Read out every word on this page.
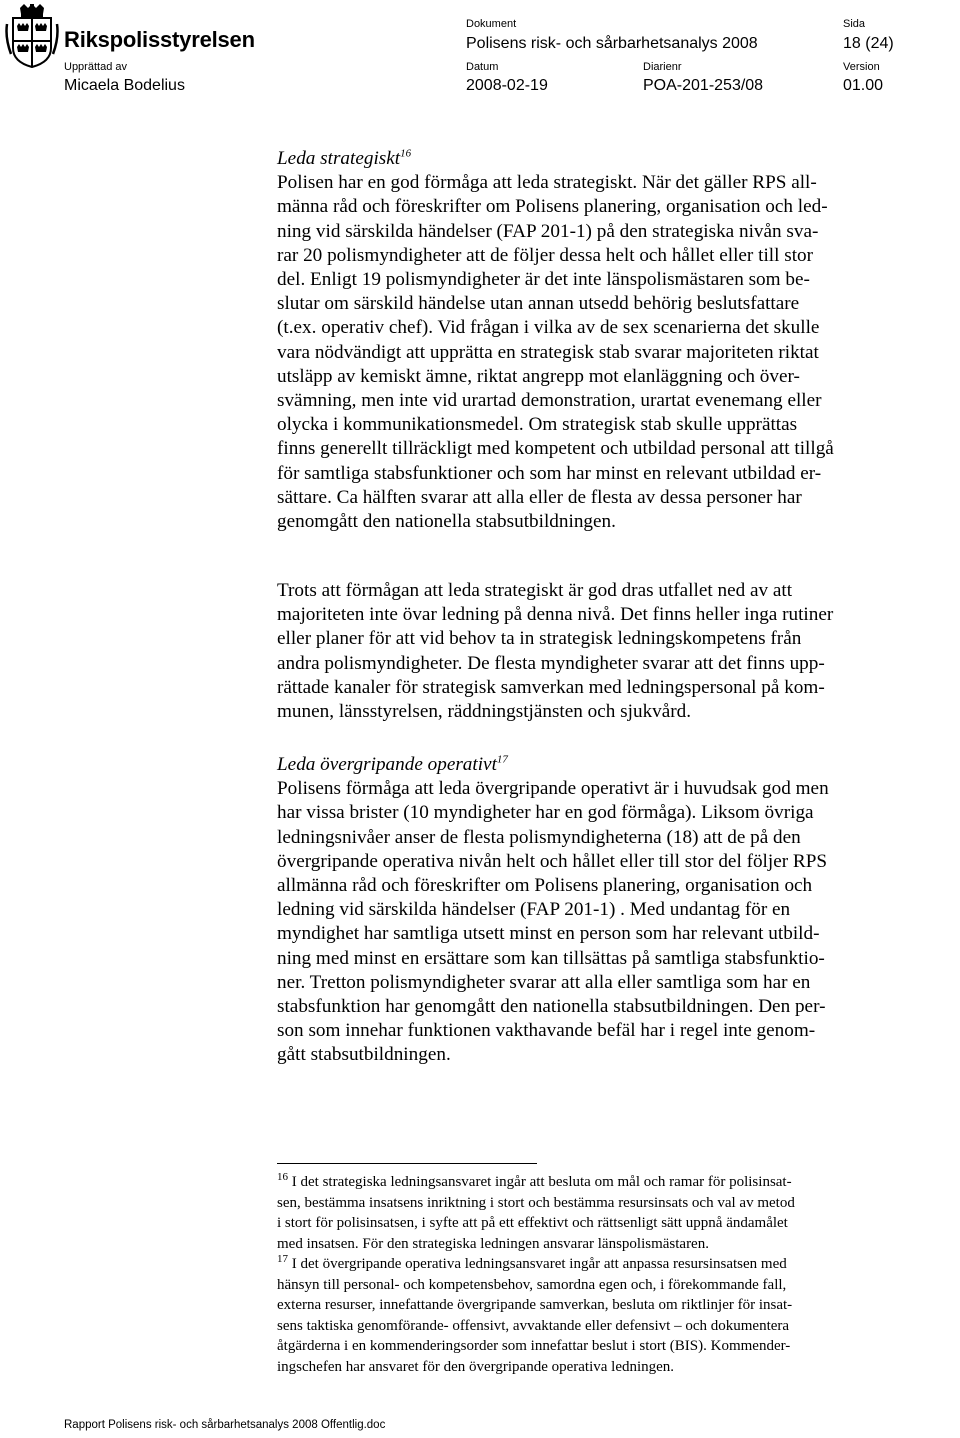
Rikspolisstyrelsen
Dokument
Polisens risk- och sårbarhetsanalys 2008
Sida
18 (24)
Upprättad av
Micaela Bodelius
Datum
2008-02-19
Diarienr
POA-201-253/08
Version
01.00

Leda strategiskt$^{16}$

Polisen har en god förmåga att leda strategiskt. När det gäller RPS all-
männa råd och föreskrifter om Polisens planering, organisation och led-
ning vid särskilda händelser (FAP 201-1) på den strategiska nivån sva-
rar 20 polismyndigheter att de följer dessa helt och hållet eller till stor
del. Enligt 19 polismyndigheter är det inte länspolismästaren som be-
slutar om särskild händelse utan annan utsedd behörig beslutsfattare
(t.ex. operativ chef). Vid frågan i vilka av de sex scenarierna det skulle
vara nödvändigt att upprätta en strategisk stab svarar majoriteten riktat
utsläpp av kemiskt ämne, riktat angrepp mot elanläggning och över-
svämning, men inte vid urartad demonstration, urartat evenemang eller
olycka i kommunikationsmedel. Om strategisk stab skulle upprättas
finns generellt tillräckligt med kompetent och utbildad personal att tillgå
för samtliga stabsfunktioner och som har minst en relevant utbildad er-
sättare. Ca hälften svarar att alla eller de flesta av dessa personer har
genomgått den nationella stabsutbildningen.

Trots att förmågan att leda strategiskt är god dras utfallet ned av att
majoriteten inte övar ledning på denna nivå. Det finns heller inga rutiner
eller planer för att vid behov ta in strategisk ledningskompetens från
andra polismyndigheter. De flesta myndigheter svarar att det finns upp-
rättade kanaler för strategisk samverkan med ledningspersonal på kom-
munen, länsstyrelsen, räddningstjänsten och sjukvård.

Leda övergripande operativt$^{17}$

Polisens förmåga att leda övergripande operativt är i huvudsak god men
har vissa brister (10 myndigheter har en god förmåga). Liksom övriga
ledningsnivåer anser de flesta polismyndigheterna (18) att de på den
övergripande operativa nivån helt och hållet eller till stor del följer RPS
allmänna råd och föreskrifter om Polisens planering, organisation och
ledning vid särskilda händelser (FAP 201-1) . Med undantag för en
myndighet har samtliga utsett minst en person som har relevant utbild-
ning med minst en ersättare som kan tillsättas på samtliga stabsfunktio-
ner. Tretton polismyndigheter svarar att alla eller samtliga som har en
stabsfunktion har genomgått den nationella stabsutbildningen. Den per-
son som innehar funktionen vakthavande befäl har i regel inte genom-
gått stabsutbildningen.

$^{16}$ I det strategiska ledningsansvaret ingår att besluta om mål och ramar för polisinsat-
sen, bestämma insatsens inriktning i stort och bestämma resursinsats och val av metod
i stort för polisinsatsen, i syfte att på ett effektivt och rättsenligt sätt uppnå ändamålet
med insatsen. För den strategiska ledningen ansvarar länspolismästaren.
$^{17}$ I det övergripande operativa ledningsansvaret ingår att anpassa resursinsatsen med
hänsyn till personal- och kompetensbehov, samordna egen och, i förekommande fall,
externa resurser, innefattande övergripande samverkan, besluta om riktlinjer för insat-
sens taktiska genomförande- offensivt, avvaktande eller defensivt – och dokumentera
åtgärderna i en kommenderingsorder som innefattar beslut i stort (BIS). Kommender-
ingschefen har ansvaret för den övergripande operativa ledningen.
Rapport Polisens risk- och sårbarhetsanalys 2008 Offentlig.doc
